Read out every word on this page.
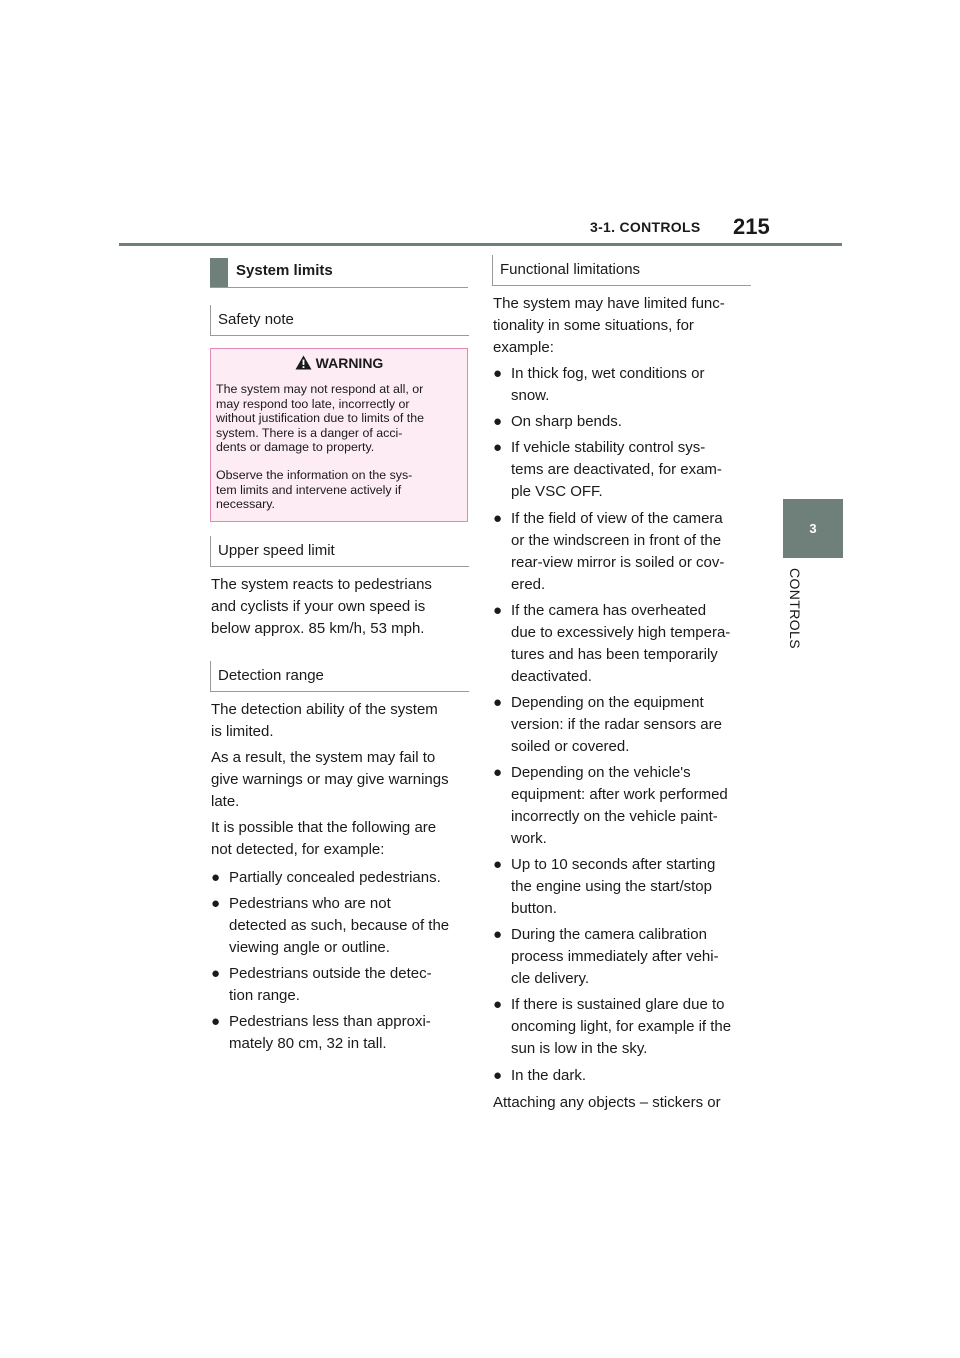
3-1. CONTROLS 215
3
CONTROLS
System limits
Safety note
WARNING
The system may not respond at all, or
may respond too late, incorrectly or
without justification due to limits of the
system. There is a danger of acci-
dents or damage to property.
Observe the information on the sys-
tem limits and intervene actively if
necessary.
Upper speed limit
The system reacts to pedestrians
and cyclists if your own speed is
below approx. 85 km/h, 53 mph.
Detection range
The detection ability of the system
is limited.
As a result, the system may fail to
give warnings or may give warnings
late.
It is possible that the following are
not detected, for example:
● Partially concealed pedestrians.
● Pedestrians who are not
detected as such, because of the
viewing angle or outline.
● Pedestrians outside the detec-
tion range.
● Pedestrians less than approxi-
mately 80 cm, 32 in tall.
Functional limitations
The system may have limited func-
tionality in some situations, for
example:
● In thick fog, wet conditions or
snow.
● On sharp bends.
● If vehicle stability control sys-
tems are deactivated, for exam-
ple VSC OFF.
● If the field of view of the camera
or the windscreen in front of the
rear-view mirror is soiled or cov-
ered.
● If the camera has overheated
due to excessively high tempera-
tures and has been temporarily
deactivated.
● Depending on the equipment
version: if the radar sensors are
soiled or covered.
● Depending on the vehicle's
equipment: after work performed
incorrectly on the vehicle paint-
work.
● Up to 10 seconds after starting
the engine using the start/stop
button.
● During the camera calibration
process immediately after vehi-
cle delivery.
● If there is sustained glare due to
oncoming light, for example if the
sun is low in the sky.
● In the dark.
Attaching any objects – stickers or
